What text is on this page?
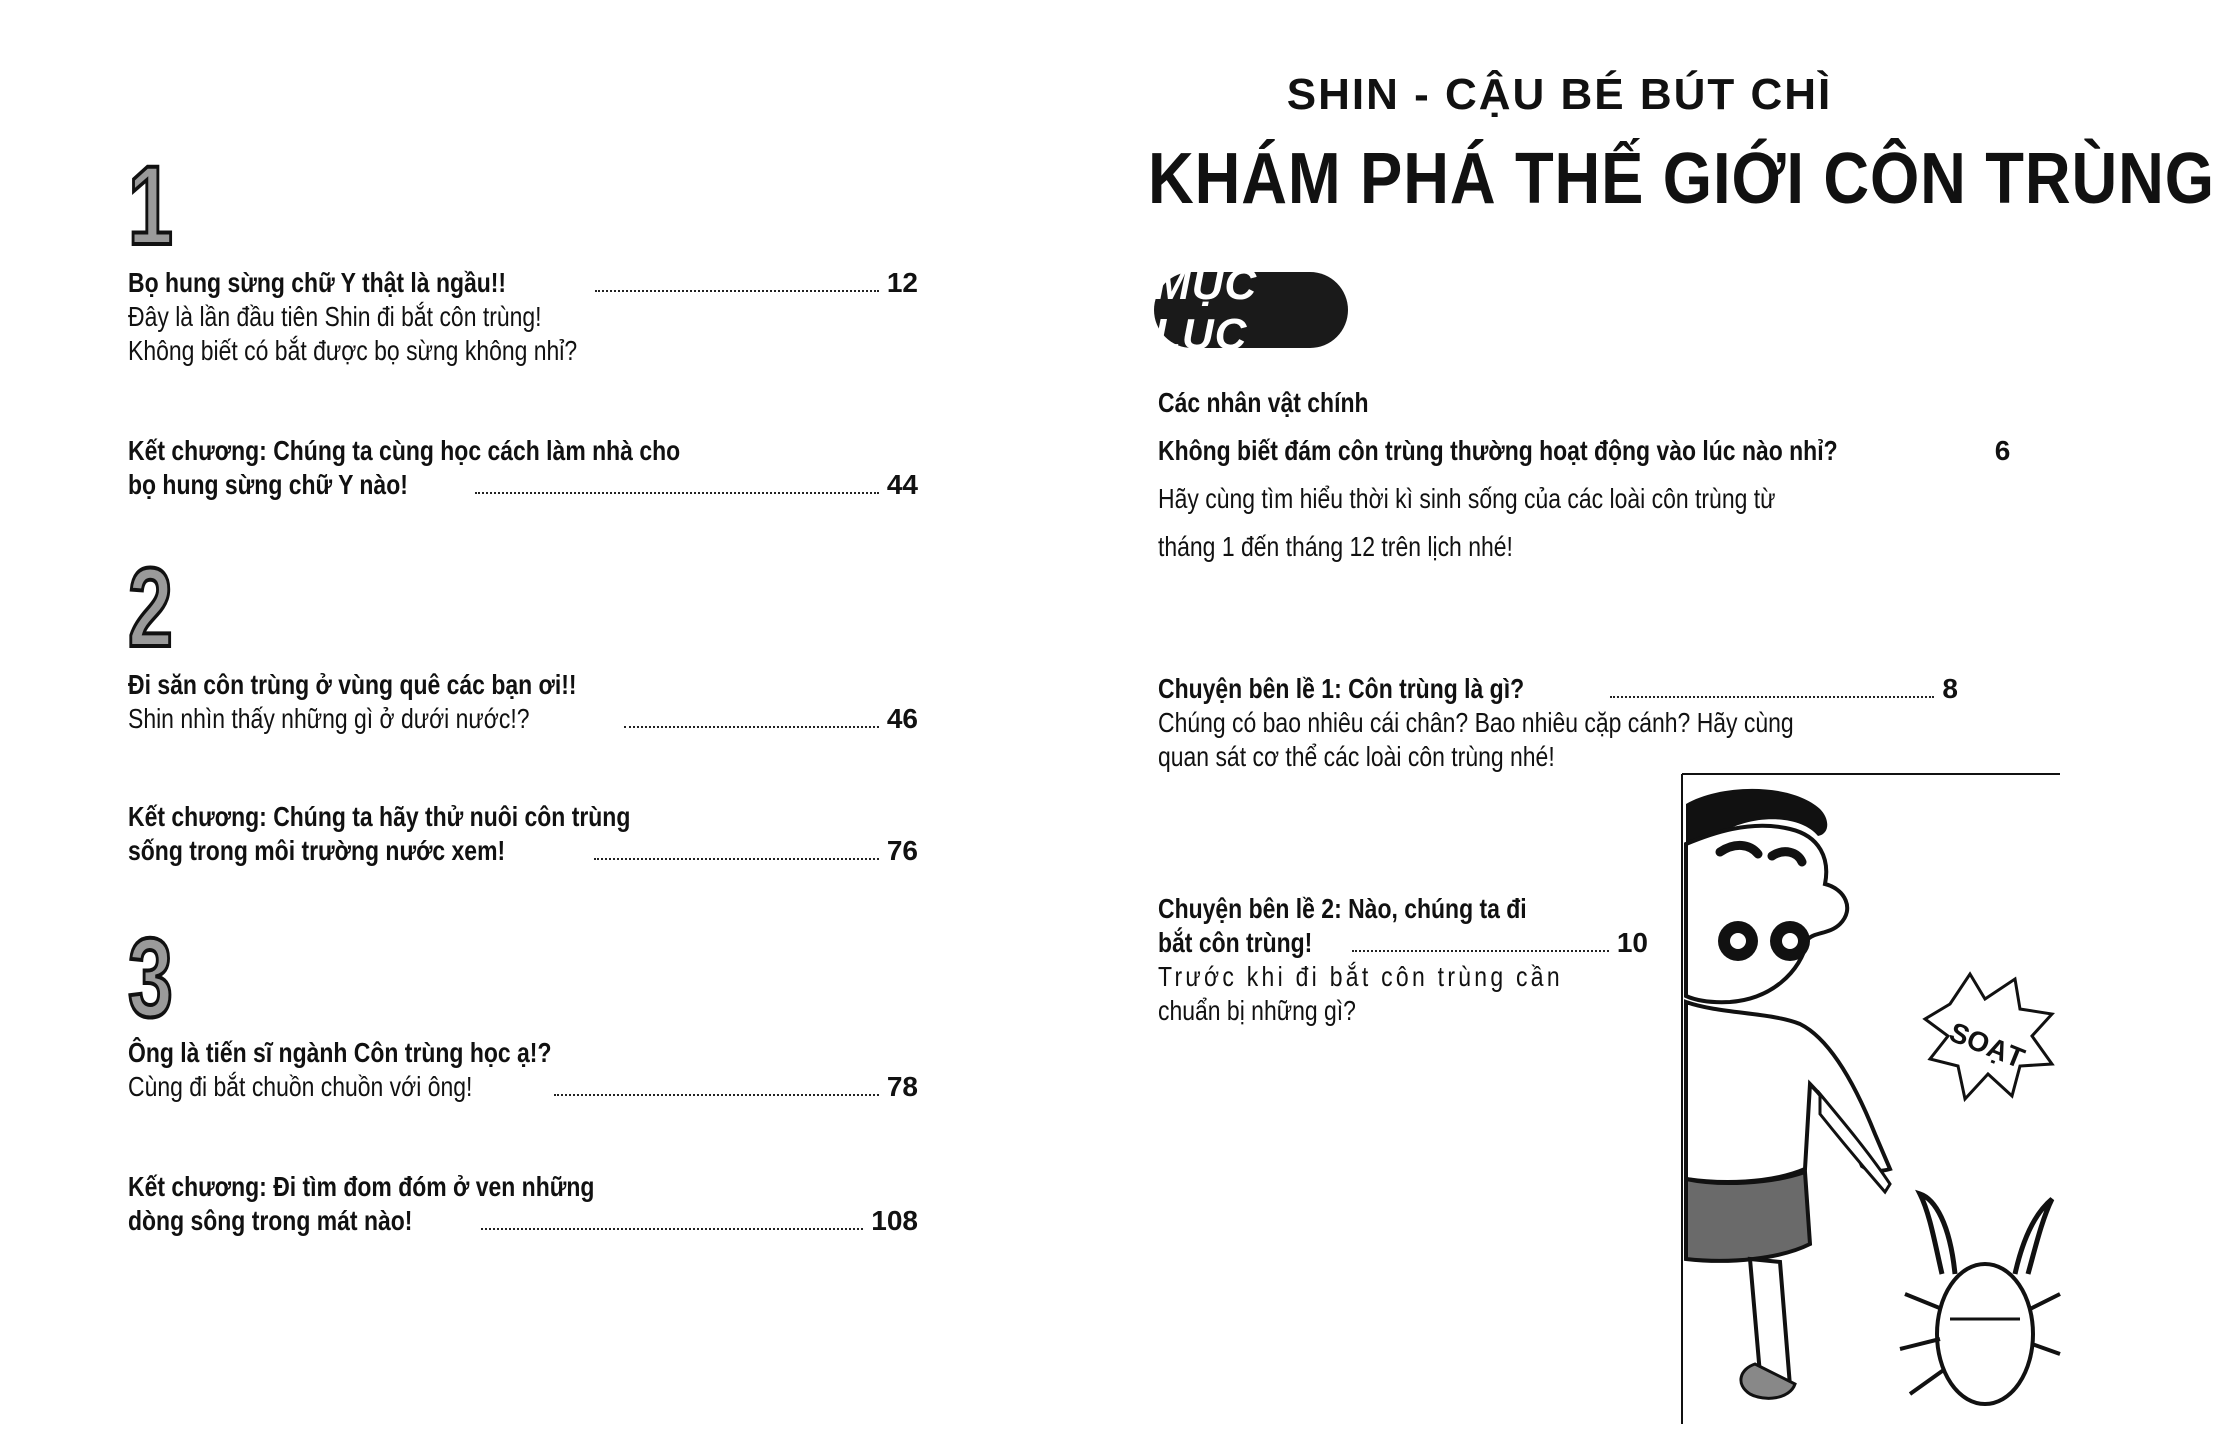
1
Bọ hung sừng chữ Y thật là ngầu!!	12
Đây là lần đầu tiên Shin đi bắt côn trùng!
Không biết có bắt được bọ sừng không nhỉ?
Kết chương: Chúng ta cùng học cách làm nhà cho
bọ hung sừng chữ Y nào!	44
2
Đi săn côn trùng ở vùng quê các bạn ơi!!
Shin nhìn thấy những gì ở dưới nước!?	46
Kết chương: Chúng ta hãy thử nuôi côn trùng
sống trong môi trường nước xem!	76
3
Ông là tiến sĩ ngành Côn trùng học ạ!?
Cùng đi bắt chuồn chuồn với ông!	78
Kết chương: Đi tìm đom đóm ở ven những
dòng sông trong mát nào!	108
SHIN - CẬU BÉ BÚT CHÌ
KHÁM PHÁ THẾ GIỚI CÔN TRÙNG
MỤC LỤC
Các nhân vật chính
Không biết đám côn trùng thường hoạt động vào lúc nào nhỉ?	6
Hãy cùng tìm hiểu thời kì sinh sống của các loài côn trùng từ
tháng 1 đến tháng 12 trên lịch nhé!
Chuyện bên lề 1: Côn trùng là gì?	8
Chúng có bao nhiêu cái chân? Bao nhiêu cặp cánh? Hãy cùng
quan sát cơ thể các loài côn trùng nhé!
Chuyện bên lề 2: Nào, chúng ta đi
bắt côn trùng!	10
Trước khi đi bắt côn trùng cần
chuẩn bị những gì?
SOẠT
